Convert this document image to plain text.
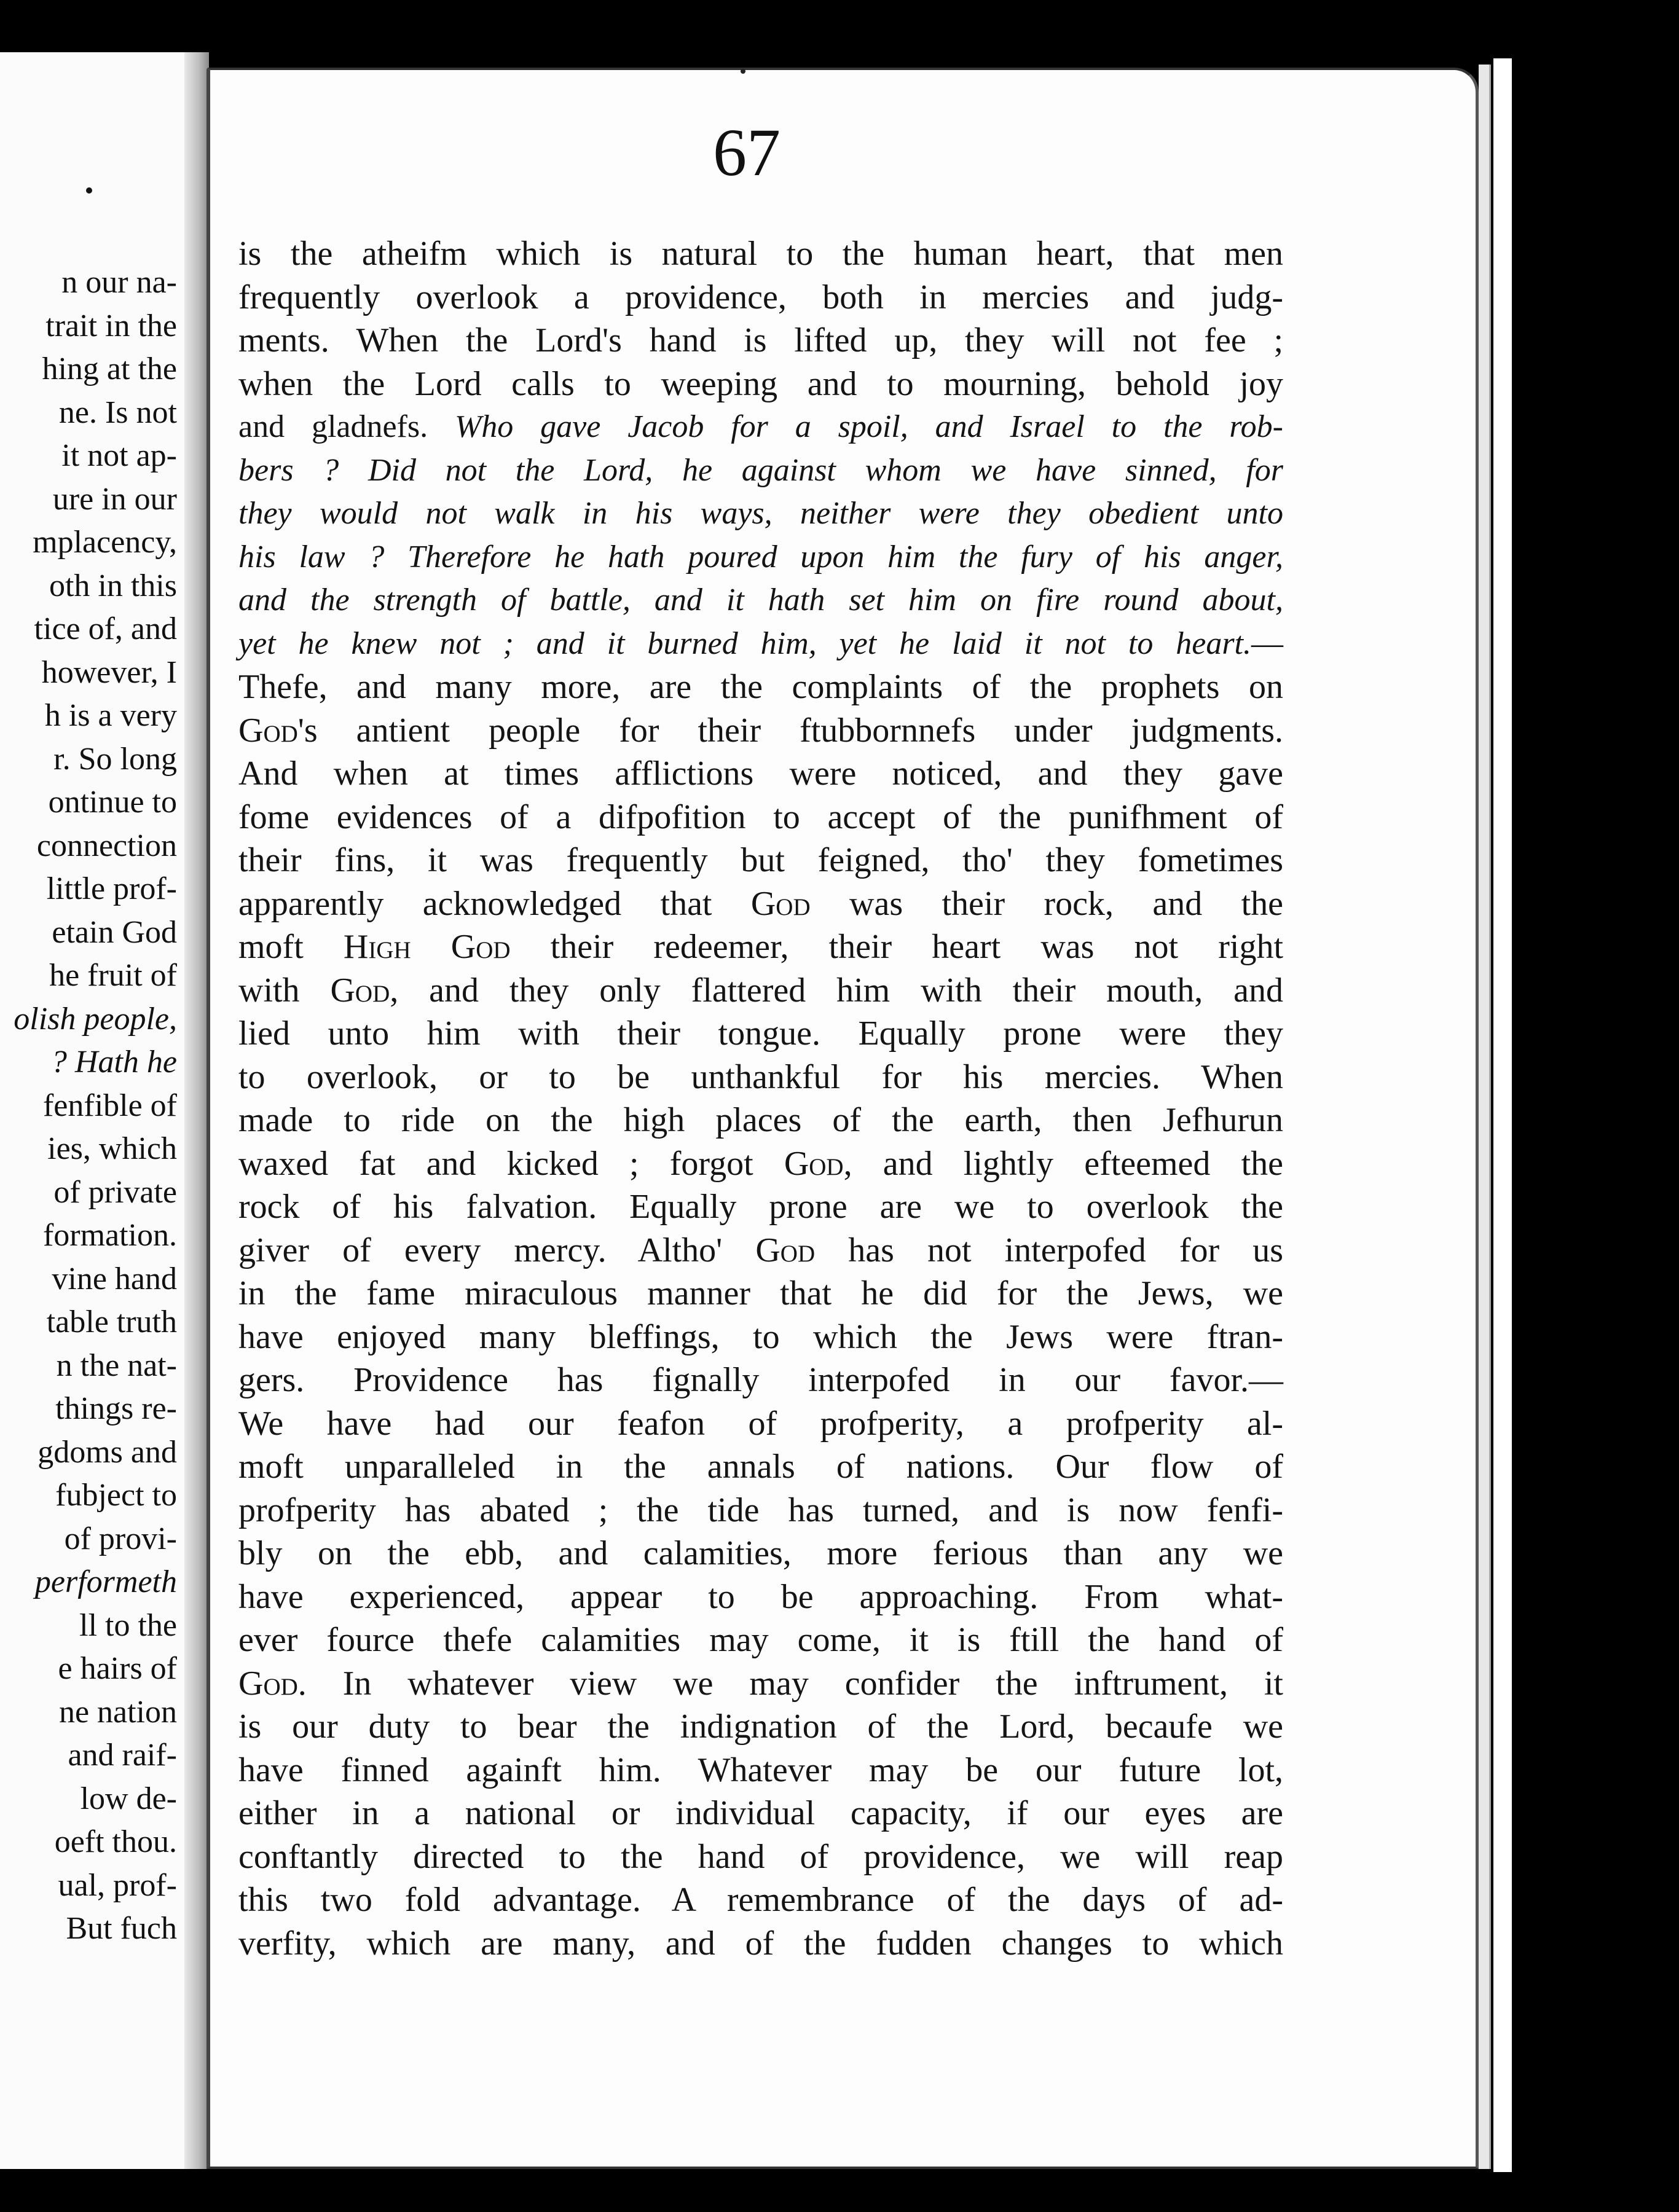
n our na-
trait in the
hing at the
ne. Is not
it not ap-
ure in our
mplacency,
oth in this
tice of, and
however, I
h is a very
r. So long
ontinue to
connection
little prof-
etain God
he fruit of
olish people,
? Hath he
fenfible of
ies, which
of private
formation.
vine hand
table truth
n the nat-
things re-
gdoms and
fubject to
of provi-
performeth
ll to the
e hairs of
ne nation
and raif-
low de-
oeft thou.
ual, prof-
But fuch
67
is the atheifm which is natural to the human heart, that men
frequently overlook a providence, both in mercies and judg-
ments. When the Lord's hand is lifted up, they will not fee ;
when the Lord calls to weeping and to mourning, behold joy
and gladnefs. Who gave Jacob for a spoil, and Israel to the rob-
bers ? Did not the Lord, he against whom we have sinned, for
they would not walk in his ways, neither were they obedient unto
his law ? Therefore he hath poured upon him the fury of his anger,
and the strength of battle, and it hath set him on fire round about,
yet he knew not ; and it burned him, yet he laid it not to heart.—
Thefe, and many more, are the complaints of the prophets on
God's antient people for their ftubbornnefs under judgments.
And when at times afflictions were noticed, and they gave
fome evidences of a difpofition to accept of the punifhment of
their fins, it was frequently but feigned, tho' they fometimes
apparently acknowledged that God was their rock, and the
moft High God their redeemer, their heart was not right
with God, and they only flattered him with their mouth, and
lied unto him with their tongue. Equally prone were they
to overlook, or to be unthankful for his mercies. When
made to ride on the high places of the earth, then Jefhurun
waxed fat and kicked ; forgot God, and lightly efteemed the
rock of his falvation. Equally prone are we to overlook the
giver of every mercy. Altho' God has not interpofed for us
in the fame miraculous manner that he did for the Jews, we
have enjoyed many bleffings, to which the Jews were ftran-
gers. Providence has fignally interpofed in our favor.—
We have had our feafon of profperity, a profperity al-
moft unparalleled in the annals of nations. Our flow of
profperity has abated ; the tide has turned, and is now fenfi-
bly on the ebb, and calamities, more ferious than any we
have experienced, appear to be approaching. From what-
ever fource thefe calamities may come, it is ftill the hand of
God. In whatever view we may confider the inftrument, it
is our duty to bear the indignation of the Lord, becaufe we
have finned againft him. Whatever may be our future lot,
either in a national or individual capacity, if our eyes are
conftantly directed to the hand of providence, we will reap
this two fold advantage. A remembrance of the days of ad-
verfity, which are many, and of the fudden changes to which
